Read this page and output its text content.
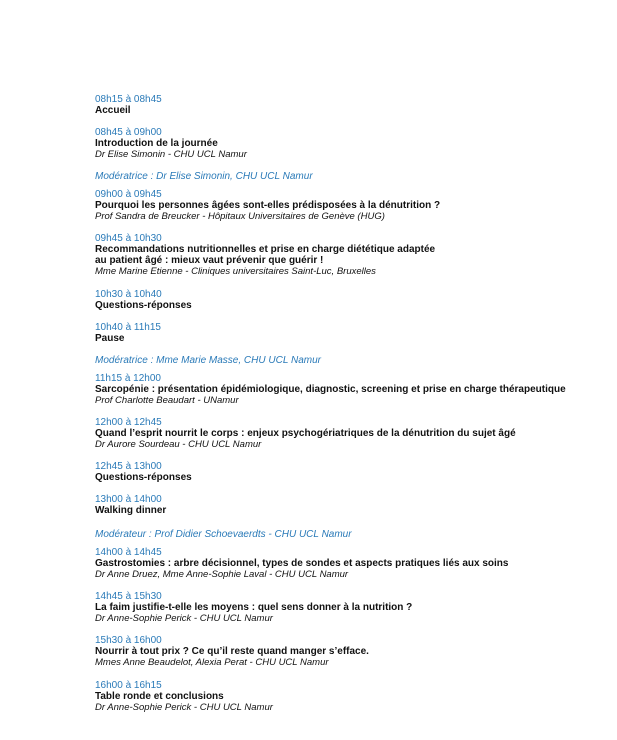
08h15 à 08h45
Accueil
08h45 à 09h00
Introduction de la journée
Dr Elise Simonin - CHU UCL Namur
Modératrice : Dr Elise Simonin, CHU UCL Namur
09h00 à 09h45
Pourquoi les personnes âgées sont-elles prédisposées à la dénutrition ?
Prof Sandra de Breucker - Hôpitaux Universitaires de Genève (HUG)
09h45 à 10h30
Recommandations nutritionnelles et prise en charge diététique adaptée
au patient âgé : mieux vaut prévenir que guérir !
Mme Marine Etienne - Cliniques universitaires Saint-Luc, Bruxelles
10h30 à 10h40
Questions-réponses
10h40 à 11h15
Pause
Modératrice : Mme Marie Masse, CHU UCL Namur
11h15 à 12h00
Sarcopénie : présentation épidémiologique, diagnostic, screening et prise en charge thérapeutique
Prof Charlotte Beaudart - UNamur
12h00 à 12h45
Quand l’esprit nourrit le corps : enjeux psychogériatriques de la dénutrition du sujet âgé
Dr Aurore Sourdeau - CHU UCL Namur
12h45 à 13h00
Questions-réponses
13h00 à 14h00
Walking dinner
Modérateur : Prof Didier Schoevaerdts - CHU UCL Namur
14h00 à 14h45
Gastrostomies : arbre décisionnel, types de sondes et aspects pratiques liés aux soins
Dr Anne Druez, Mme Anne-Sophie Laval - CHU UCL Namur
14h45 à 15h30
La faim justifie-t-elle les moyens : quel sens donner à la nutrition ?
Dr Anne-Sophie Perick - CHU UCL Namur
15h30 à 16h00
Nourrir à tout prix ? Ce qu’il reste quand manger s’efface.
Mmes Anne Beaudelot, Alexia Perat - CHU UCL Namur
16h00 à 16h15
Table ronde et conclusions
Dr Anne-Sophie Perick - CHU UCL Namur
